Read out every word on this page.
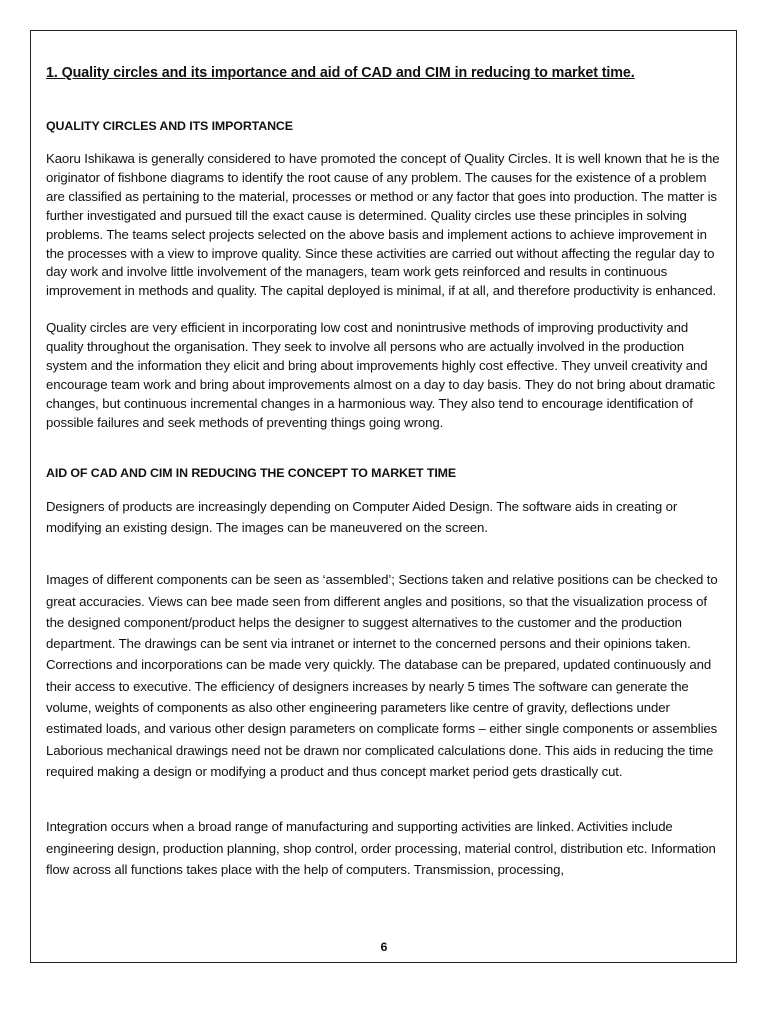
1. Quality circles and its importance and aid of CAD and CIM in reducing to market time.
QUALITY CIRCLES AND ITS IMPORTANCE

Kaoru Ishikawa is generally considered to have promoted the concept of Quality Circles. It is well known that he is the originator of fishbone diagrams to identify the root cause of any problem. The causes for the existence of a problem are classified as pertaining to the material, processes or method or any factor that goes into production. The matter is further investigated and pursued till the exact cause is determined. Quality circles use these principles in solving problems. The teams select projects selected on the above basis and implement actions to achieve improvement in the processes with a view to improve quality. Since these activities are carried out without affecting the regular day to day work and involve little involvement of the managers, team work gets reinforced and results in continuous improvement in methods and quality. The capital deployed is minimal, if at all, and therefore productivity is enhanced.

Quality circles are very efficient in incorporating low cost and nonintrusive methods of improving productivity and quality throughout the organisation. They seek to involve all persons who are actually involved in the production system and the information they elicit and bring about improvements highly cost effective. They unveil creativity and encourage team work and bring about improvements almost on a day to day basis. They do not bring about dramatic changes, but continuous incremental changes in a harmonious way. They also tend to encourage identification of possible failures and seek methods of preventing things going wrong.

AID OF CAD AND CIM IN REDUCING THE CONCEPT TO MARKET TIME

Designers of products are increasingly depending on Computer Aided Design. The software aids in creating or modifying an existing design. The images can be maneuvered on the screen.

Images of different components can be seen as ‘assembled’; Sections taken and relative positions can be checked to great accuracies. Views can bee made seen from different angles and positions, so that the visualization process of the designed component/product helps the designer to suggest alternatives to the customer and the production department. The drawings can be sent via intranet or internet to the concerned persons and their opinions taken. Corrections and incorporations can be made very quickly. The database can be prepared, updated continuously and their access to executive. The efficiency of designers increases by nearly 5 times The software can generate the volume, weights of components as also other engineering parameters like centre of gravity, deflections under estimated loads, and various other design parameters on complicate forms – either single components or assemblies Laborious mechanical drawings need not be drawn nor complicated calculations done. This aids in reducing the time required making a design or modifying a product and thus concept market period gets drastically cut.

Integration occurs when a broad range of manufacturing and supporting activities are linked. Activities include engineering design, production planning, shop control, order processing, material control, distribution etc. Information flow across all functions takes place with the help of computers. Transmission, processing,

6
